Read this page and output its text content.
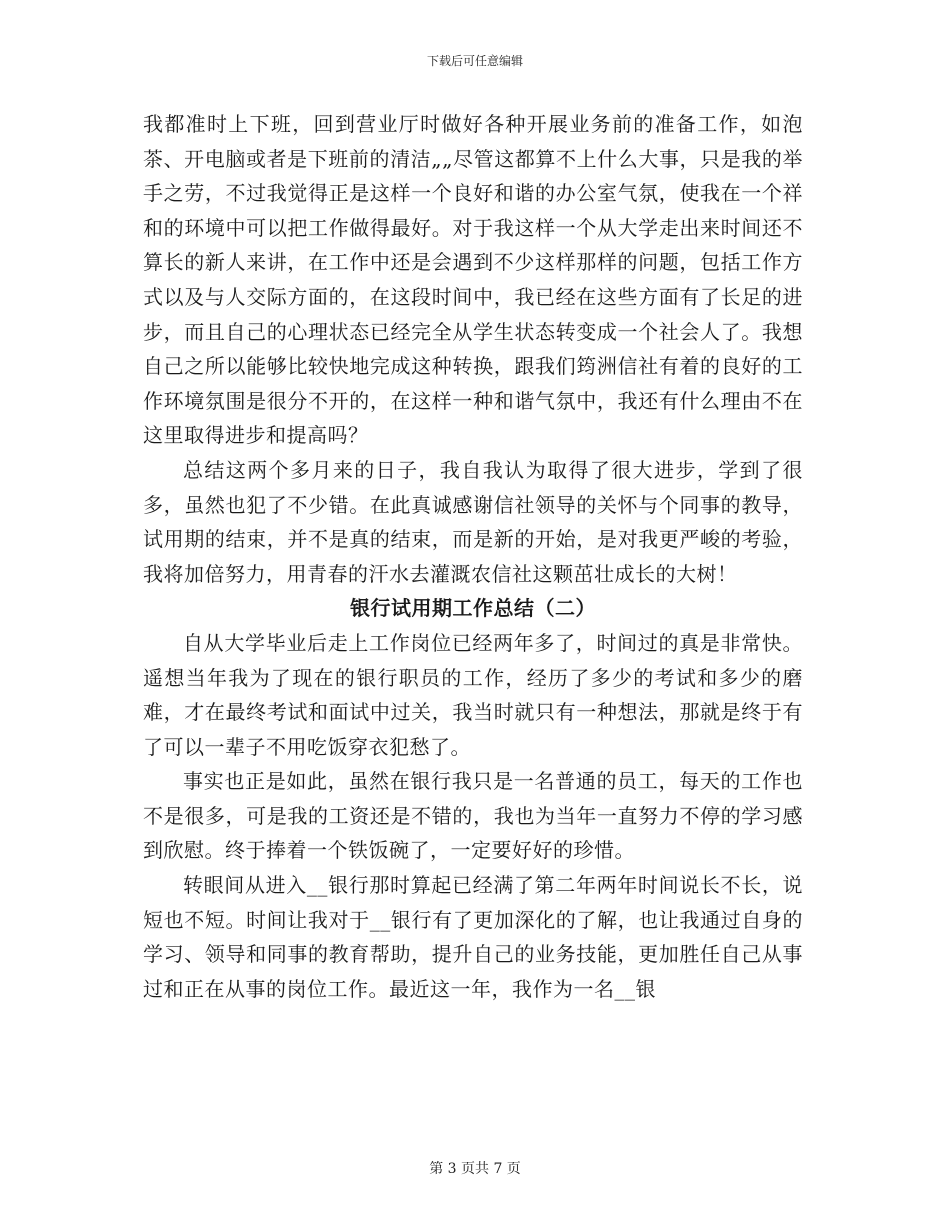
下载后可任意编辑

我都准时上下班，回到营业厅时做好各种开展业务前的准备工作，如泡茶、开电脑或者是下班前的清洁„„尽管这都算不上什么大事，只是我的举手之劳，不过我觉得正是这样一个良好和谐的办公室气氛，使我在一个祥和的环境中可以把工作做得最好。对于我这样一个从大学走出来时间还不算长的新人来讲，在工作中还是会遇到不少这样那样的问题，包括工作方式以及与人交际方面的，在这段时间中，我已经在这些方面有了长足的进步，而且自己的心理状态已经完全从学生状态转变成一个社会人了。我想自己之所以能够比较快地完成这种转换，跟我们筠洲信社有着的良好的工作环境氛围是很分不开的，在这样一种和谐气氛中，我还有什么理由不在这里取得进步和提高吗？

总结这两个多月来的日子，我自我认为取得了很大进步，学到了很多，虽然也犯了不少错。在此真诚感谢信社领导的关怀与个同事的教导，试用期的结束，并不是真的结束，而是新的开始，是对我更严峻的考验，我将加倍努力，用青春的汗水去灌溉农信社这颗茁壮成长的大树！

银行试用期工作总结（二）

自从大学毕业后走上工作岗位已经两年多了，时间过的真是非常快。遥想当年我为了现在的银行职员的工作，经历了多少的考试和多少的磨难，才在最终考试和面试中过关，我当时就只有一种想法，那就是终于有了可以一辈子不用吃饭穿衣犯愁了。

事实也正是如此，虽然在银行我只是一名普通的员工，每天的工作也不是很多，可是我的工资还是不错的，我也为当年一直努力不停的学习感到欣慰。终于捧着一个铁饭碗了，一定要好好的珍惜。

转眼间从进入__银行那时算起已经满了第二年两年时间说长不长，说短也不短。时间让我对于__银行有了更加深化的了解，也让我通过自身的学习、领导和同事的教育帮助，提升自己的业务技能，更加胜任自己从事过和正在从事的岗位工作。最近这一年，我作为一名__银

第 3 页共 7 页
